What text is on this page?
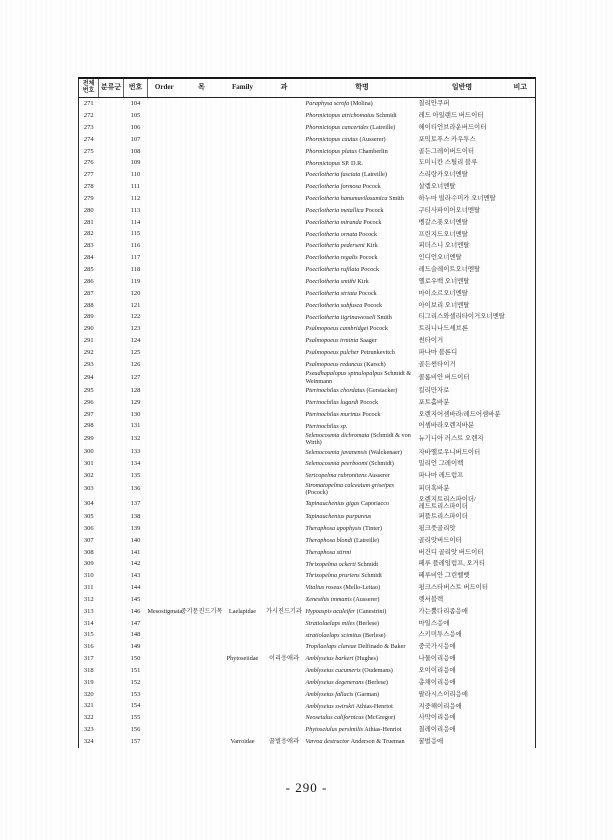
전체
번호	분류군	번호	Order	목	Family	과	학명	일반명	비고
271		104					Paraphysa scrofa (Molina)	칠리안쿠퍼	
272		105					Phormictopus atrichomatus Schmidt	레드 아일랜드 버드이터	
273		106					Phormictopus cancerides (Latreille)	헤이티언브라운버드이터	
274		107					Phormictopus cautus (Ausserer)	포믹토푸스 카우투스	
275		108					Phormictopus platus Chamberlin	골든그레이버드이터	
276		109					Phormictopus SP. D.R.	도미니칸 스틸리 블루	
277		110					Poecilotheria fasciata (Latreille)	스리랑카오너멘탈	
278		111					Poecilotheria formosa Pocock	살렘오너멘탈	
279		112					Poecilotheria hanumavilasumica Smith	하누마 빌라수미카 오너멘탈	
280		113					Poecilotheria metallica Pocock	구티사파이어오너멘탈	
281		114					Poecilotheria miranda Pocock	벵갈스폿오너멘탈	
282		115					Poecilotheria ornata Pocock	프린지드오너멘탈	
283		116					Poecilotheria pederseni Kirk	피더스니 오너멘탈	
284		117					Poecilotheria regalis Pocock	인디언오너멘탈	
285		118					Poecilotheria rufilata Pocock	레드슬레이트오너멘탈	
286		119					Poecilotheria smithi Kirk	옐로우백 오너멘탈	
287		120					Poecilotheria striata Pocock	마이소르오너멘탈	
288		121					Poecilotheria subfusca Pocock	아이보리 오너멘탈	
289		122					Poecilotheria tigrinawesseli Smith	티그리스와셀리타이거오너멘탈	
290		123					Psalmopoeus cambridgei Pocock	트리니나드셰브론	
291		124					Psalmopoeus irminia Saager	썬타이거	
292		125					Psalmopoeus pulcher Petrunkevitch	파나마 블론디	
293		126					Psalmopoeus reduncus (Karsch)	골든썬타이거	
294		127					Pseudhapalopus spinulopalpus Schmidt & Weinmann	콜롬비안 버드이터	
295		128					Pterinochilus chordatus (Gerstacker)	킬리만자로	
296		129					Pterinochilus lugardi Pocock	포트홀바분	
297		130					Pterinochilus murinus Pocock	오렌지어셈바라/레드어셈바분	
298		131					Pterinochilus sp.	어셈바라오렌지바분	
299		132					Selenocosmia dichromata (Schmidt & von Wirth)	뉴기니아 러스트 오렌지	
300		133					Selenocosmia javanensis (Walckenaer)	자바옐로우니버드이터	
301		134					Selenocosmia peerboomi (Schmidt)	밀리언 그레이백	
302		135					Sericopelma rubronitens Ausserer	파나마 레드럼프	
303		136					Stromatopelma calceatum griseipes (Pocock)	피더훅바분	
304		137					Tapinauchenius gigas Caporiacco	오렌지트리스파이더/
레드트리스파이더	
305		138					Tapinauchenius purpureus	퍼플트리스파이더	
306		139					Theraphosa apophysis (Tinter)	핑크풋골리앗	
307		140					Theraphosa blondi (Latreille)	골리앗버드이터	
308		141					Theraphosa stirmi	버건디 골리앗 버드이터	
309		142					Thrixopelma ockerti Schmidt	페루 플레임럼프, 오거티	
310		143					Thrixopelma pruriens Schmidt	페루비안 그린벨벳	
311		144					Vitalius roseus (Mello-Leitao)	핑크스타버스트 버드이터	
312		145					Xenesthis immanis (Ausserer)	렛서블랙	
313		146	Mesostigmata	중기문진드기목	Laelapidae	가시진드기과	Hypoaspis aculeifer (Canestrini)	가는뿔다리좀응애	
314		147					Stratiolaelaps miles (Berlese)	마일스응애	
315		148					stratiolaelaps scimitus (Berlese)	스키미투스응애	
316		149					Tropilaelaps clareae Delfinado & Baker	중국가시응애	
317		150			Phytoseiidae	이리응애과	Amblyseius barkeri (Hughes)	나물이리응애	
318		151					Amblyseius cucumeris (Oudemans)	오이이리응애	
319		152					Amblyseius degenerans (Berlese)	총채이리응애	
320		153					Amblyseius fallacis (Garman)	팔라시스이리응애	
321		154					Amblyseius swirskii Athias-Henriot	지중해이리응애	
322		155					Neoseiulus californicus (McGregor)	사막이리응애	
323		156					Phytoseiulus persimilis Athias-Henriot	칠레이리응애	
324		157			Varroidae	꿀벌응애과	Varroa destructor Anderson & Trueman	꿀벌응애	
- 290 -
